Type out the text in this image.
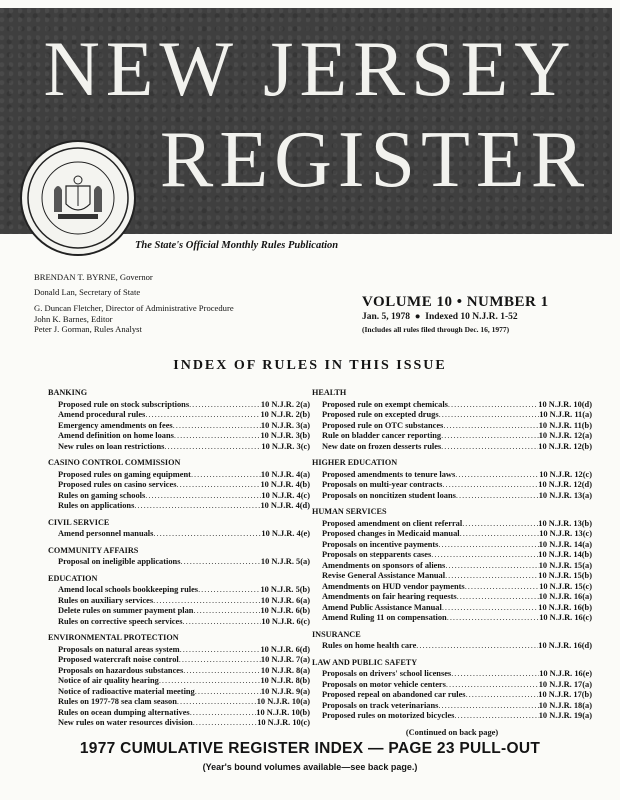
NEW JERSEY
REGISTER
The State's Official Monthly Rules Publication
BRENDAN T. BYRNE, Governor
Donald Lan, Secretary of State
G. Duncan Fletcher, Director of Administrative Procedure
John K. Barnes, Editor
Peter J. Gorman, Rules Analyst
VOLUME 10 • NUMBER 1
Jan. 5, 1978  ●  Indexed 10 N.J.R. 1-52
(Includes all rules filed through Dec. 16, 1977)
INDEX OF RULES IN THIS ISSUE
BANKING
Proposed rule on stock subscriptions .....	10 N.J.R. 2(a)
Amend procedural rules .....	10 N.J.R. 2(b)
Emergency amendments on fees .....	10 N.J.R. 3(a)
Amend definition on home loans .....	10 N.J.R. 3(b)
New rules on loan restrictions .....	10 N.J.R. 3(c)
CASINO CONTROL COMMISSION
Proposed rules on gaming equipment .....	10 N.J.R. 4(a)
Proposed rules on casino services .....	10 N.J.R. 4(b)
Rules on gaming schools .....	10 N.J.R. 4(c)
Rules on applications .....	10 N.J.R. 4(d)
CIVIL SERVICE
Amend personnel manuals .....	10 N.J.R. 4(e)
COMMUNITY AFFAIRS
Proposal on ineligible applications .....	10 N.J.R. 5(a)
EDUCATION
Amend local schools bookkeeping rules .....	10 N.J.R. 5(b)
Rules on auxiliary services .....	10 N.J.R. 6(a)
Delete rules on summer payment plan .....	10 N.J.R. 6(b)
Rules on corrective speech services .....	10 N.J.R. 6(c)
ENVIRONMENTAL PROTECTION
Proposals on natural areas system .....	10 N.J.R. 6(d)
Proposed watercraft noise control .....	10 N.J.R. 7(a)
Proposals on hazardous substances .....	10 N.J.R. 8(a)
Notice of air quality hearing .....	10 N.J.R. 8(b)
Notice of radioactive material meeting .....	10 N.J.R. 9(a)
Rules on 1977-78 sea clam season .....	10 N.J.R. 10(a)
Rules on ocean dumping alternatives .....	10 N.J.R. 10(b)
New rules on water resources division .....	10 N.J.R. 10(c)
HEALTH
Proposed rule on exempt chemicals .....	10 N.J.R. 10(d)
Proposed rule on excepted drugs .....	10 N.J.R. 11(a)
Proposed rule on OTC substances .....	10 N.J.R. 11(b)
Rule on bladder cancer reporting .....	10 N.J.R. 12(a)
New date on frozen desserts rules .....	10 N.J.R. 12(b)
HIGHER EDUCATION
Proposed amendments to tenure laws .....	10 N.J.R. 12(c)
Proposals on multi-year contracts .....	10 N.J.R. 12(d)
Proposals on noncitizen student loans .....	10 N.J.R. 13(a)
HUMAN SERVICES
Proposed amendment on client referral .....	10 N.J.R. 13(b)
Proposed changes in Medicaid manual .....	10 N.J.R. 13(c)
Proposals on incentive payments .....	10 N.J.R. 14(a)
Proposals on stepparents cases .....	10 N.J.R. 14(b)
Amendments on sponsors of aliens .....	10 N.J.R. 15(a)
Revise General Assistance Manual .....	10 N.J.R. 15(b)
Amendments on HUD vendor payments .....	10 N.J.R. 15(c)
Amendments on fair hearing requests .....	10 N.J.R. 16(a)
Amend Public Assistance Manual .....	10 N.J.R. 16(b)
Amend Ruling 11 on compensation .....	10 N.J.R. 16(c)
INSURANCE
Rules on home health care .....	10 N.J.R. 16(d)
LAW AND PUBLIC SAFETY
Proposals on drivers' school licenses .....	10 N.J.R. 16(e)
Proposals on motor vehicle centers .....	10 N.J.R. 17(a)
Proposed repeal on abandoned car rules .....	10 N.J.R. 17(b)
Proposals on track veterinarians .....	10 N.J.R. 18(a)
Proposed rules on motorized bicycles .....	10 N.J.R. 19(a)
(Continued on back page)
1977 CUMULATIVE REGISTER INDEX — PAGE 23 PULL-OUT
(Year's bound volumes available—see back page.)
